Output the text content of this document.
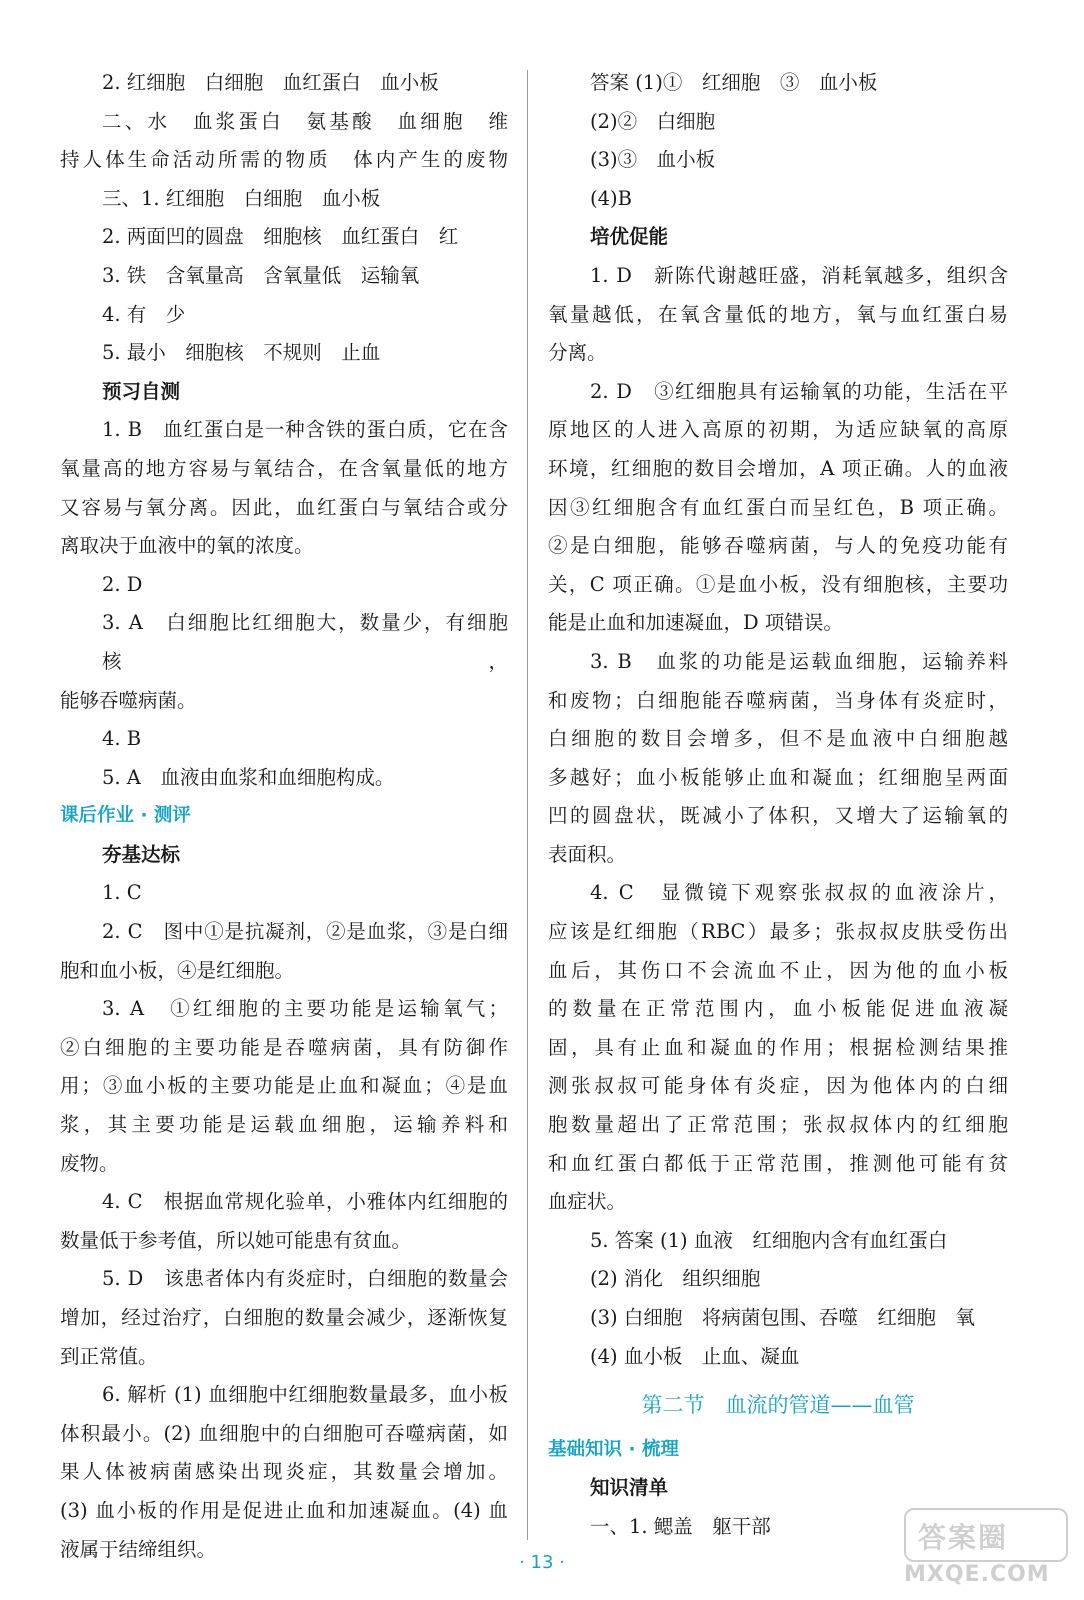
2. 红细胞　白细胞　血红蛋白　血小板
二、水　血浆蛋白　氨基酸　血细胞　维
持人体生命活动所需的物质　体内产生的废物
三、1. 红细胞　白细胞　血小板
2. 两面凹的圆盘　细胞核　血红蛋白　红
3. 铁　含氧量高　含氧量低　运输氧
4. 有　少
5. 最小　细胞核　不规则　止血
预习自测
1. B　血红蛋白是一种含铁的蛋白质，它在含
氧量高的地方容易与氧结合，在含氧量低的地方
又容易与氧分离。因此，血红蛋白与氧结合或分
离取决于血液中的氧的浓度。
2. D
3. A　白细胞比红细胞大，数量少，有细胞核，
能够吞噬病菌。
4. B
5. A　血液由血浆和血细胞构成。
课后作业 · 测评
夯基达标
1. C
2. C　图中①是抗凝剂，②是血浆，③是白细
胞和血小板，④是红细胞。
3. A　①红细胞的主要功能是运输氧气；
②白细胞的主要功能是吞噬病菌，具有防御作
用；③血小板的主要功能是止血和凝血；④是血
浆，其主要功能是运载血细胞，运输养料和
废物。
4. C　根据血常规化验单，小雅体内红细胞的
数量低于参考值，所以她可能患有贫血。
5. D　该患者体内有炎症时，白细胞的数量会
增加，经过治疗，白细胞的数量会减少，逐渐恢复
到正常值。
6. 解析 (1) 血细胞中红细胞数量最多，血小板
体积最小。(2) 血细胞中的白细胞可吞噬病菌，如
果人体被病菌感染出现炎症，其数量会增加。
(3) 血小板的作用是促进止血和加速凝血。(4) 血
液属于结缔组织。
答案 (1)①　红细胞　③　血小板
(2)②　白细胞
(3)③　血小板
(4)B
培优促能
1. D　新陈代谢越旺盛，消耗氧越多，组织含
氧量越低，在氧含量低的地方，氧与血红蛋白易
分离。
2. D　③红细胞具有运输氧的功能，生活在平
原地区的人进入高原的初期，为适应缺氧的高原
环境，红细胞的数目会增加，A 项正确。人的血液
因③红细胞含有血红蛋白而呈红色，B 项正确。
②是白细胞，能够吞噬病菌，与人的免疫功能有
关，C 项正确。①是血小板，没有细胞核，主要功
能是止血和加速凝血，D 项错误。
3. B　血浆的功能是运载血细胞，运输养料
和废物；白细胞能吞噬病菌，当身体有炎症时，
白细胞的数目会增多，但不是血液中白细胞越
多越好；血小板能够止血和凝血；红细胞呈两面
凹的圆盘状，既减小了体积，又增大了运输氧的
表面积。
4. C　显微镜下观察张叔叔的血液涂片，
应该是红细胞（RBC）最多；张叔叔皮肤受伤出
血后，其伤口不会流血不止，因为他的血小板
的数量在正常范围内，血小板能促进血液凝
固，具有止血和凝血的作用；根据检测结果推
测张叔叔可能身体有炎症，因为他体内的白细
胞数量超出了正常范围；张叔叔体内的红细胞
和血红蛋白都低于正常范围，推测他可能有贫
血症状。
5. 答案 (1) 血液　红细胞内含有血红蛋白
(2) 消化　组织细胞
(3) 白细胞　将病菌包围、吞噬　红细胞　氧
(4) 血小板　止血、凝血
第二节　血流的管道——血管
基础知识 · 梳理
知识清单
一、1. 鳃盖　躯干部
· 13 ·
答案圈
MXQE.COM
